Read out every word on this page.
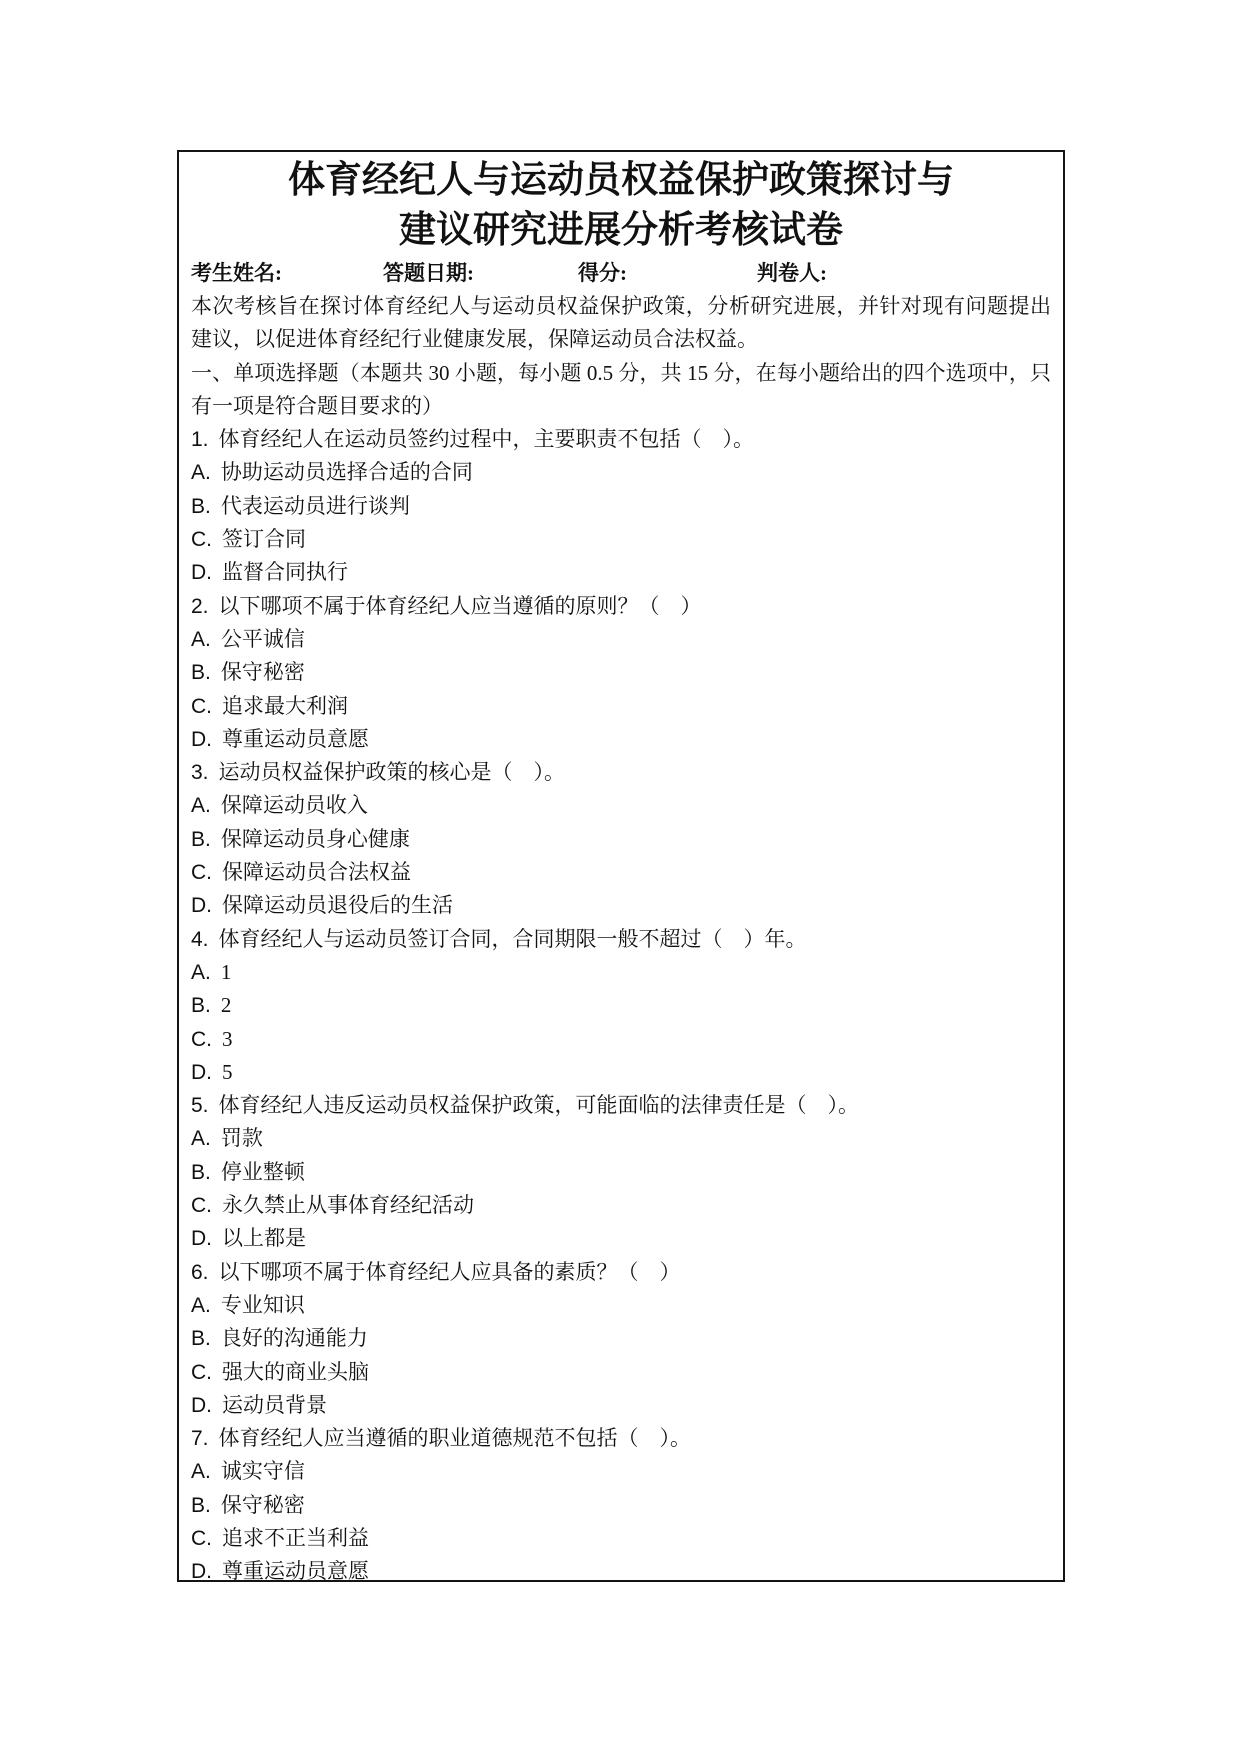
体育经纪人与运动员权益保护政策探讨与
建议研究进展分析考核试卷
考生姓名:	答题日期:	得分:	判卷人:

本次考核旨在探讨体育经纪人与运动员权益保护政策，分析研究进展，并针对现有问题提出建议，以促进体育经纪行业健康发展，保障运动员合法权益。

一、单项选择题（本题共 30 小题，每小题 0.5 分，共 15 分，在每小题给出的四个选项中，只有一项是符合题目要求的）

1. 体育经纪人在运动员签约过程中，主要职责不包括（　）。
A. 协助运动员选择合适的合同
B. 代表运动员进行谈判
C. 签订合同
D. 监督合同执行
2. 以下哪项不属于体育经纪人应当遵循的原则？（　）
A. 公平诚信
B. 保守秘密
C. 追求最大利润
D. 尊重运动员意愿
3. 运动员权益保护政策的核心是（　）。
A. 保障运动员收入
B. 保障运动员身心健康
C. 保障运动员合法权益
D. 保障运动员退役后的生活
4. 体育经纪人与运动员签订合同，合同期限一般不超过（　）年。
A. 1
B. 2
C. 3
D. 5
5. 体育经纪人违反运动员权益保护政策，可能面临的法律责任是（　）。
A. 罚款
B. 停业整顿
C. 永久禁止从事体育经纪活动
D. 以上都是
6. 以下哪项不属于体育经纪人应具备的素质？（　）
A. 专业知识
B. 良好的沟通能力
C. 强大的商业头脑
D. 运动员背景
7. 体育经纪人应当遵循的职业道德规范不包括（　）。
A. 诚实守信
B. 保守秘密
C. 追求不正当利益
D. 尊重运动员意愿
